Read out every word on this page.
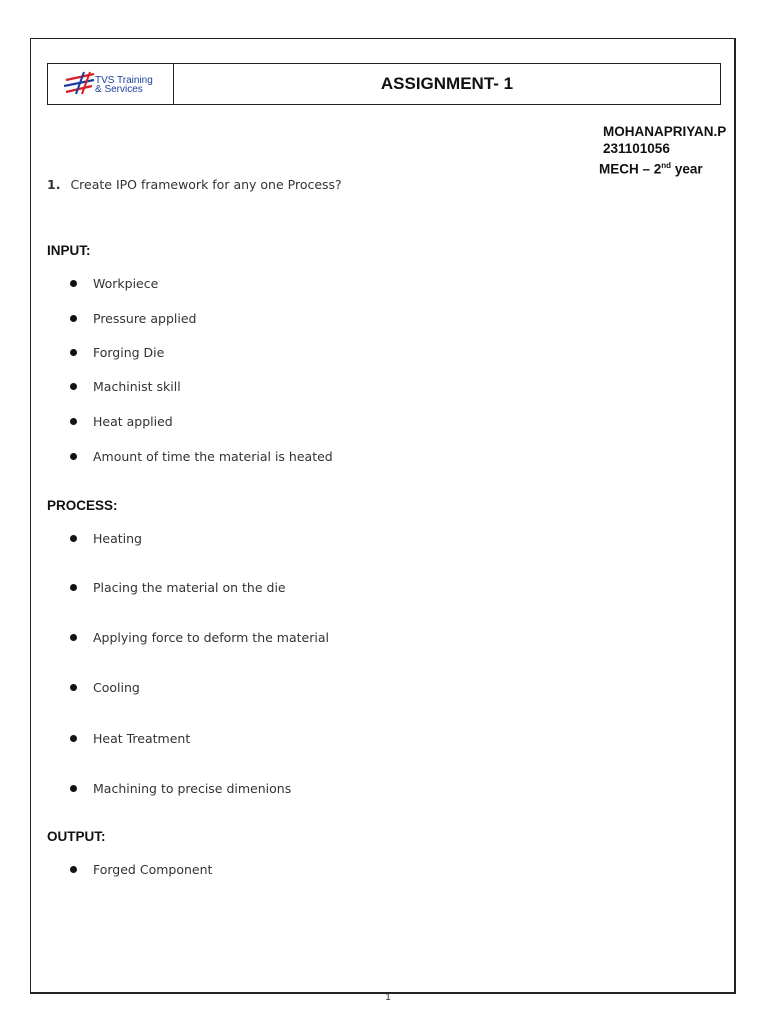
TVS Training
& Services	ASSIGNMENT- 1
MOHANAPRIYAN.P
231101056
MECH – 2nd year
1. Create IPO framework for any one Process?
INPUT:
Workpiece
Pressure applied
Forging Die
Machinist skill
Heat applied
Amount of time the material is heated
PROCESS:
Heating
Placing the material on the die
Applying force to deform the material
Cooling
Heat Treatment
Machining to precise dimenions
OUTPUT:
Forged Component
1
